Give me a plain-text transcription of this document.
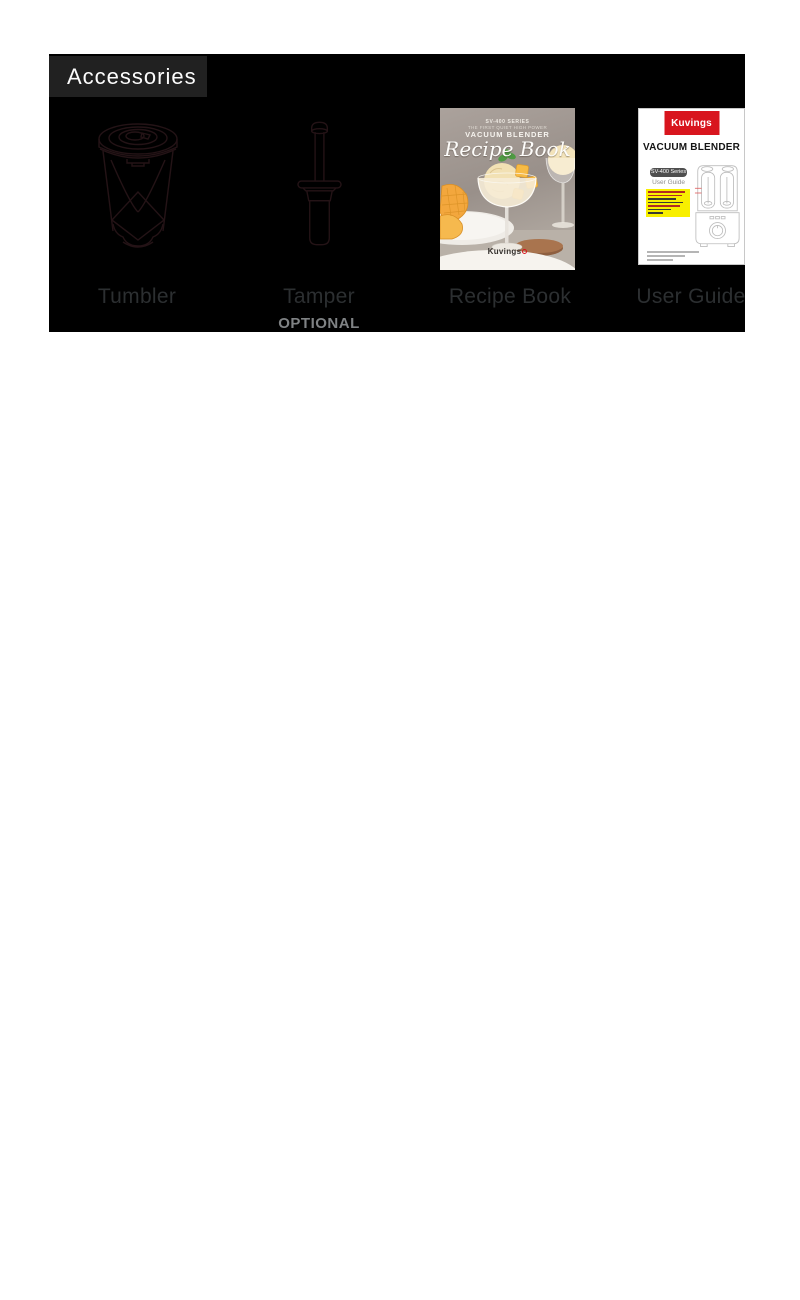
Accessories
SV-400 SERIES
THE FIRST QUIET HIGH POWER
VACUUM BLENDER
Recipe Book
Kuvings
Kuvings
VACUUM BLENDER
SV-400 Series
User Guide
Tumbler	Tamper	Recipe Book	User Guide
OPTIONAL
